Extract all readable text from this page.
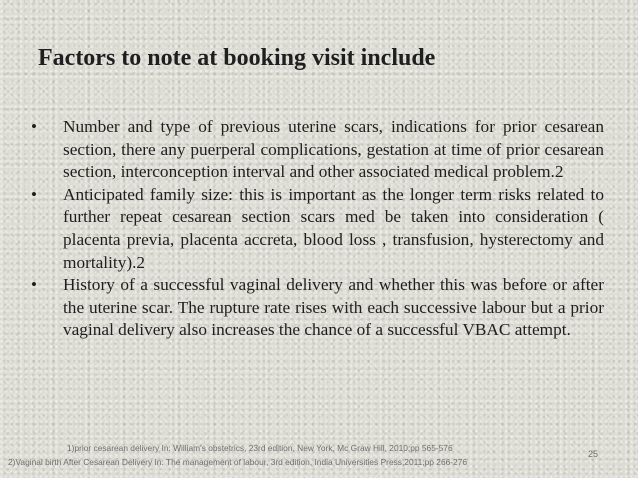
Factors to note at booking visit include
•	Number and type of previous uterine scars, indications for prior cesarean section, there any puerperal complications, gestation at time of prior cesarean section, interconception interval and other associated medical problem.2
•	Anticipated family size: this is important as the longer term risks related to further repeat cesarean section scars med be taken into consideration ( placenta previa, placenta accreta, blood loss , transfusion, hysterectomy and mortality).2
•	History of a successful vaginal delivery and whether this was before or after the uterine scar. The rupture rate rises with each successive labour but a prior vaginal delivery also increases the chance of a successful VBAC attempt.
1)prior cesarean delivery In: William's obstetrics, 23rd edition, New York, Mc Graw Hill, 2010;pp 565-576
2)Vaginal birth After Cesarean Delivery In: The management of labour, 3rd edition, India Universities Press,2011;pp 266-276
25
